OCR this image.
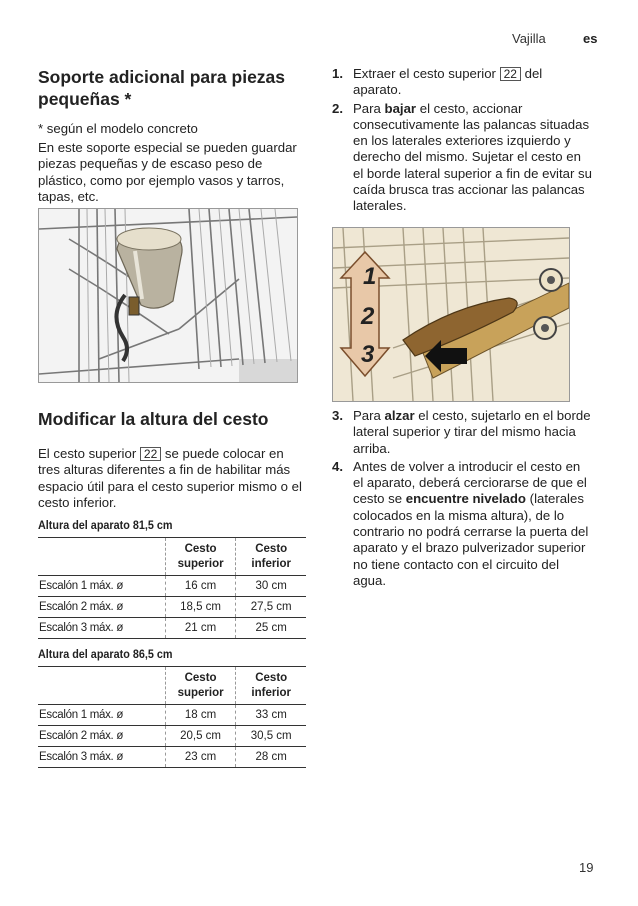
Vajilla	es
Soporte adicional para piezas pequeñas *

* según el modelo concreto

En este soporte especial se pueden guardar piezas pequeñas y de escaso peso de plástico, como por ejemplo vasos y tarros, tapas, etc.

Modificar la altura del cesto

El cesto superior 22 se puede colocar en tres alturas diferentes a fin de habilitar más espacio útil para el cesto superior mismo o el cesto inferior.

Altura del aparato 81,5 cm
	Cesto superior	Cesto inferior
Escalón 1 máx. ø	16 cm	30 cm
Escalón 2 máx. ø	18,5 cm	27,5 cm
Escalón 3 máx. ø	21 cm	25 cm
Altura del aparato 86,5 cm
	Cesto superior	Cesto inferior
Escalón 1 máx. ø	18 cm	33 cm
Escalón 2 máx. ø	20,5 cm	30,5 cm
Escalón 3 máx. ø	23 cm	28 cm
1. Extraer el cesto superior 22 del aparato.
2. Para bajar el cesto, accionar consecutivamente las palancas situadas en los laterales exteriores izquierdo y derecho del mismo. Sujetar el cesto en el borde lateral superior a fin de evitar su caída brusca tras accionar las palancas laterales.
1
2
3
3. Para alzar el cesto, sujetarlo en el borde lateral superior y tirar del mismo hacia arriba.
4. Antes de volver a introducir el cesto en el aparato, deberá cerciorarse de que el cesto se encuentre nivelado (laterales colocados en la misma altura), de lo contrario no podrá cerrarse la puerta del aparato y el brazo pulverizador superior no tiene contacto con el circuito del agua.
19
